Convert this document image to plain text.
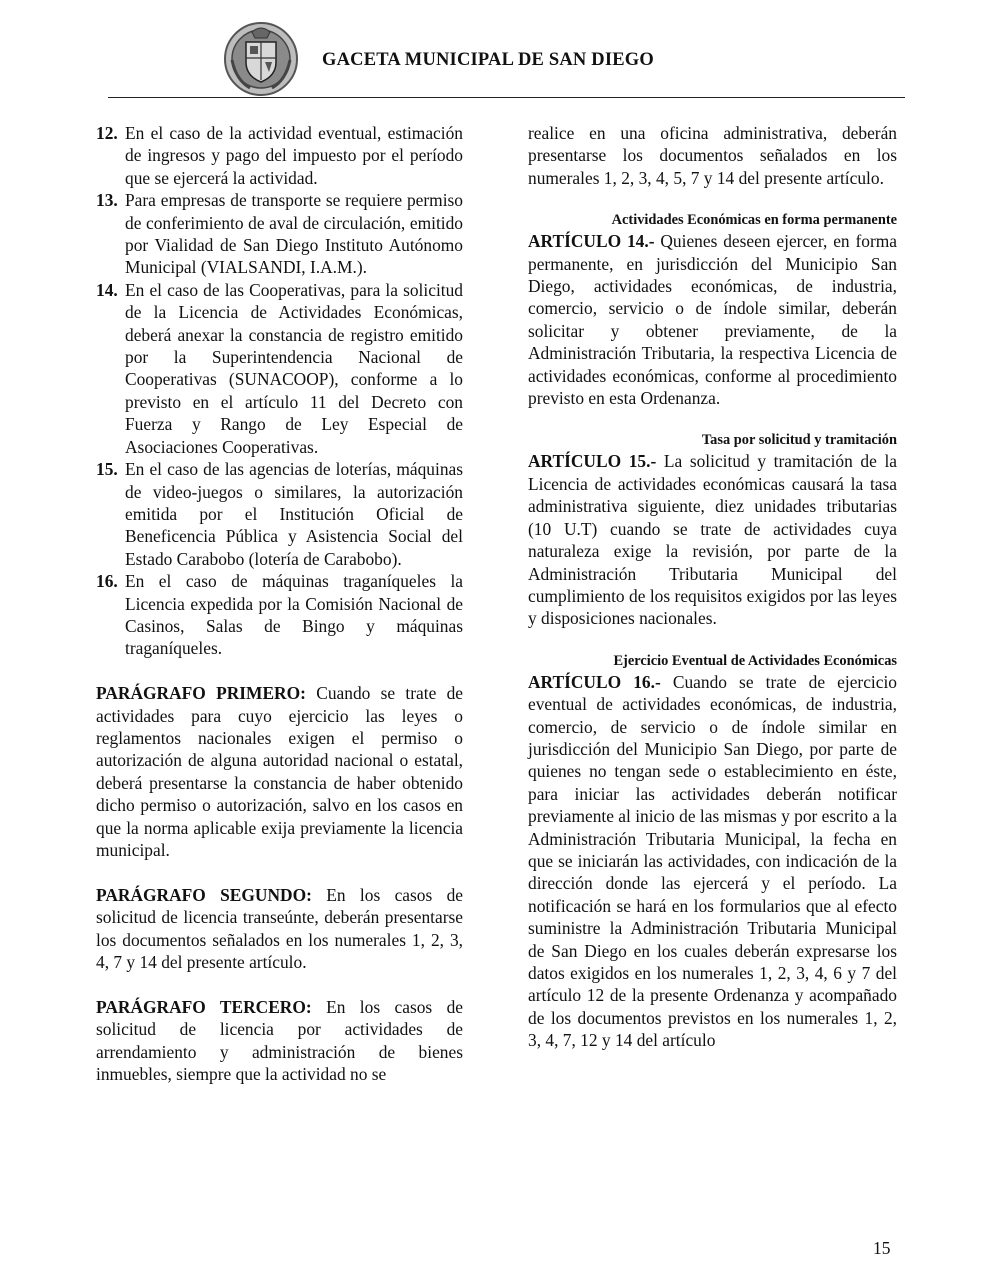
GACETA MUNICIPAL DE SAN DIEGO
12. En el caso de la actividad eventual, estimación de ingresos y pago del impuesto por el período que se ejercerá la actividad.
13. Para empresas de transporte se requiere permiso de conferimiento de aval de circulación, emitido por Vialidad de San Diego Instituto Autónomo Municipal (VIALSANDI, I.A.M.).
14. En el caso de las Cooperativas, para la solicitud de la Licencia de Actividades Económicas, deberá anexar la constancia de registro emitido por la Superintendencia Nacional de Cooperativas (SUNACOOP), conforme a lo previsto en el artículo 11 del Decreto con Fuerza y Rango de Ley Especial de Asociaciones Cooperativas.
15. En el caso de las agencias de loterías, máquinas de video-juegos o similares, la autorización emitida por el Institución Oficial de Beneficencia Pública y Asistencia Social del Estado Carabobo (lotería de Carabobo).
16. En el caso de máquinas traganíqueles la Licencia expedida por la Comisión Nacional de Casinos, Salas de Bingo y máquinas traganíqueles.

PARÁGRAFO PRIMERO: Cuando se trate de actividades para cuyo ejercicio las leyes o reglamentos nacionales exigen el permiso o autorización de alguna autoridad nacional o estatal, deberá presentarse la constancia de haber obtenido dicho permiso o autorización, salvo en los casos en que la norma aplicable exija previamente la licencia municipal.

PARÁGRAFO SEGUNDO: En los casos de solicitud de licencia transeúnte, deberán presentarse los documentos señalados en los numerales 1, 2, 3, 4, 7 y 14 del presente artículo.

PARÁGRAFO TERCERO: En los casos de solicitud de licencia por actividades de arrendamiento y administración de bienes inmuebles, siempre que la actividad no se

realice en una oficina administrativa, deberán presentarse los documentos señalados en los numerales 1, 2, 3, 4, 5, 7 y 14 del presente artículo.

Actividades Económicas en forma permanente

ARTÍCULO 14.- Quienes deseen ejercer, en forma permanente, en jurisdicción del Municipio San Diego, actividades económicas, de industria, comercio, servicio o de índole similar, deberán solicitar y obtener previamente, de la Administración Tributaria, la respectiva Licencia de actividades económicas, conforme al procedimiento previsto en esta Ordenanza.

Tasa por solicitud y tramitación

ARTÍCULO 15.- La solicitud y tramitación de la Licencia de actividades económicas causará la tasa administrativa siguiente, diez unidades tributarias (10 U.T) cuando se trate de actividades cuya naturaleza exige la revisión, por parte de la Administración Tributaria Municipal del cumplimiento de los requisitos exigidos por las leyes y disposiciones nacionales.

Ejercicio Eventual de Actividades Económicas

ARTÍCULO 16.- Cuando se trate de ejercicio eventual de actividades económicas, de industria, comercio, de servicio o de índole similar en jurisdicción del Municipio San Diego, por parte de quienes no tengan sede o establecimiento en éste, para iniciar las actividades deberán notificar previamente al inicio de las mismas y por escrito a la Administración Tributaria Municipal, la fecha en que se iniciarán las actividades, con indicación de la dirección donde las ejercerá y el período. La notificación se hará en los formularios que al efecto suministre la Administración Tributaria Municipal de San Diego en los cuales deberán expresarse los datos exigidos en los numerales 1, 2, 3, 4, 6 y 7 del artículo 12 de la presente Ordenanza y acompañado de los documentos previstos en los numerales 1, 2, 3, 4, 7, 12 y 14 del artículo

15
